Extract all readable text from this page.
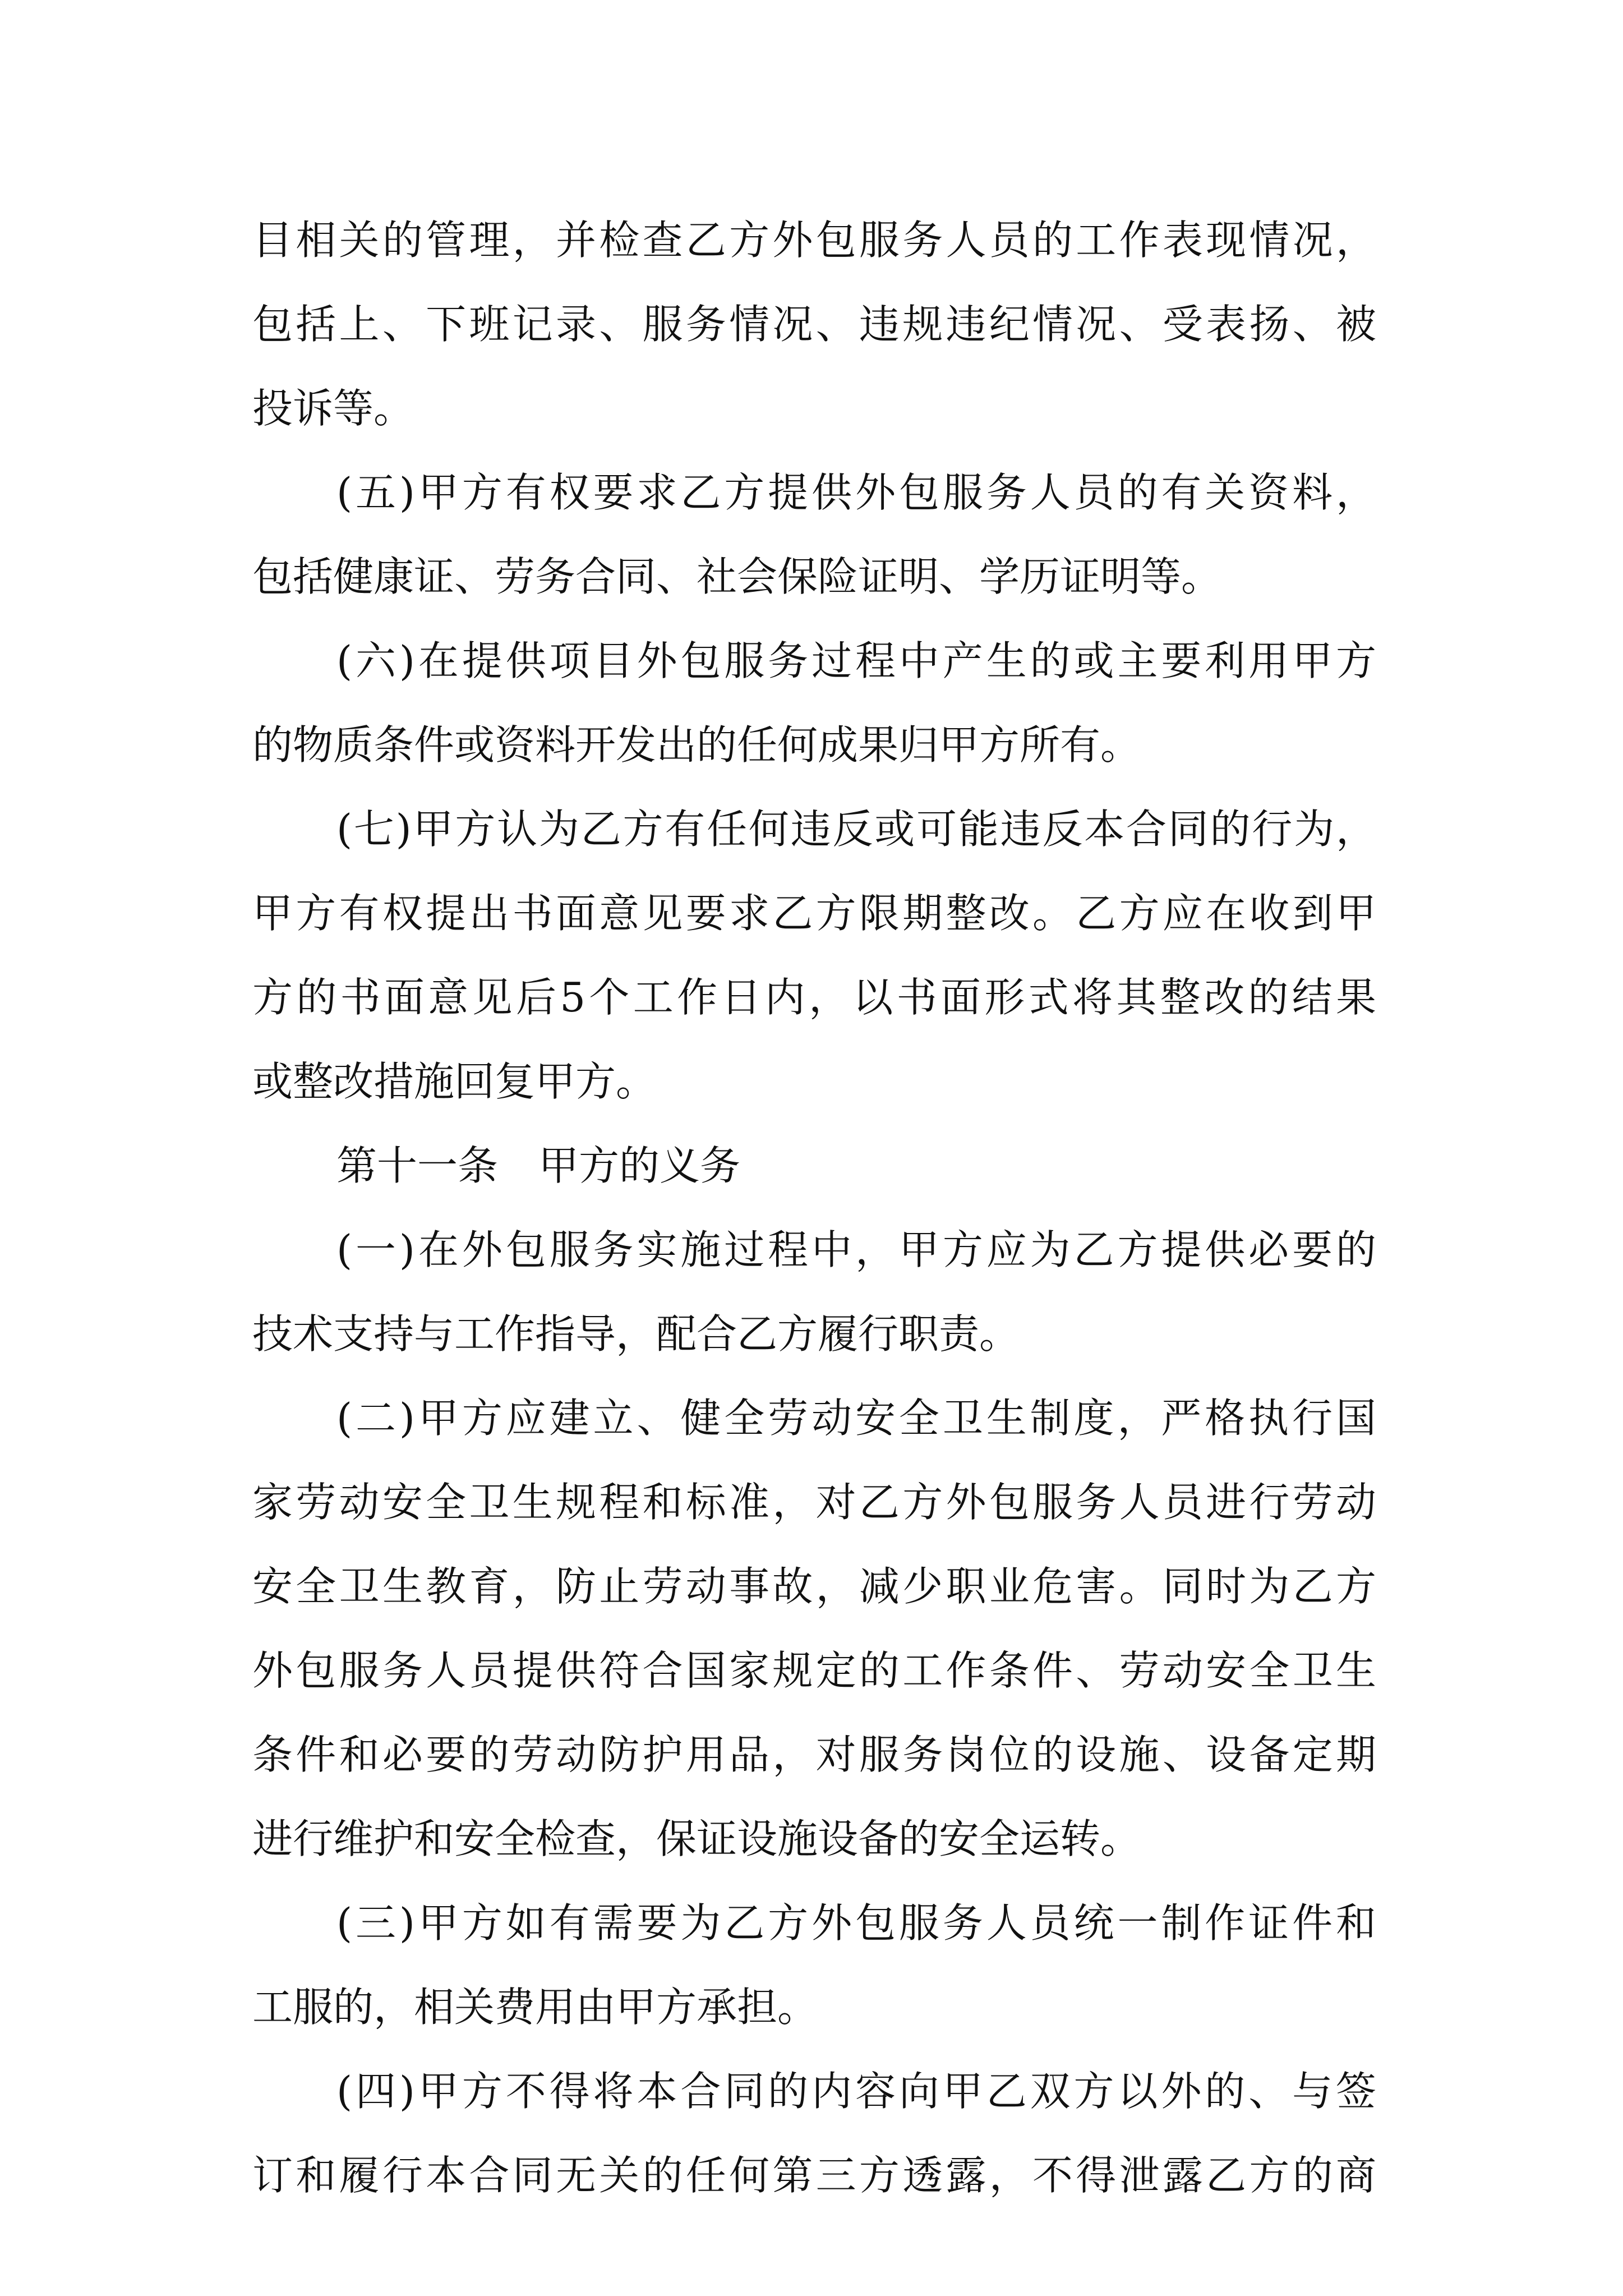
目相关的管理，并检查乙方外包服务人员的工作表现情况，
包括上、下班记录、服务情况、违规违纪情况、受表扬、被
投诉等。
(五)甲方有权要求乙方提供外包服务人员的有关资料，
包括健康证、劳务合同、社会保险证明、学历证明等。
(六)在提供项目外包服务过程中产生的或主要利用甲方
的物质条件或资料开发出的任何成果归甲方所有。
(七)甲方认为乙方有任何违反或可能违反本合同的行为，
甲方有权提出书面意见要求乙方限期整改。乙方应在收到甲
方的书面意见后5个工作日内，以书面形式将其整改的结果
或整改措施回复甲方。
第十一条　甲方的义务
(一)在外包服务实施过程中，甲方应为乙方提供必要的
技术支持与工作指导，配合乙方履行职责。
(二)甲方应建立、健全劳动安全卫生制度，严格执行国
家劳动安全卫生规程和标准，对乙方外包服务人员进行劳动
安全卫生教育，防止劳动事故，减少职业危害。同时为乙方
外包服务人员提供符合国家规定的工作条件、劳动安全卫生
条件和必要的劳动防护用品，对服务岗位的设施、设备定期
进行维护和安全检查，保证设施设备的安全运转。
(三)甲方如有需要为乙方外包服务人员统一制作证件和
工服的，相关费用由甲方承担。
(四)甲方不得将本合同的内容向甲乙双方以外的、与签
订和履行本合同无关的任何第三方透露，不得泄露乙方的商
